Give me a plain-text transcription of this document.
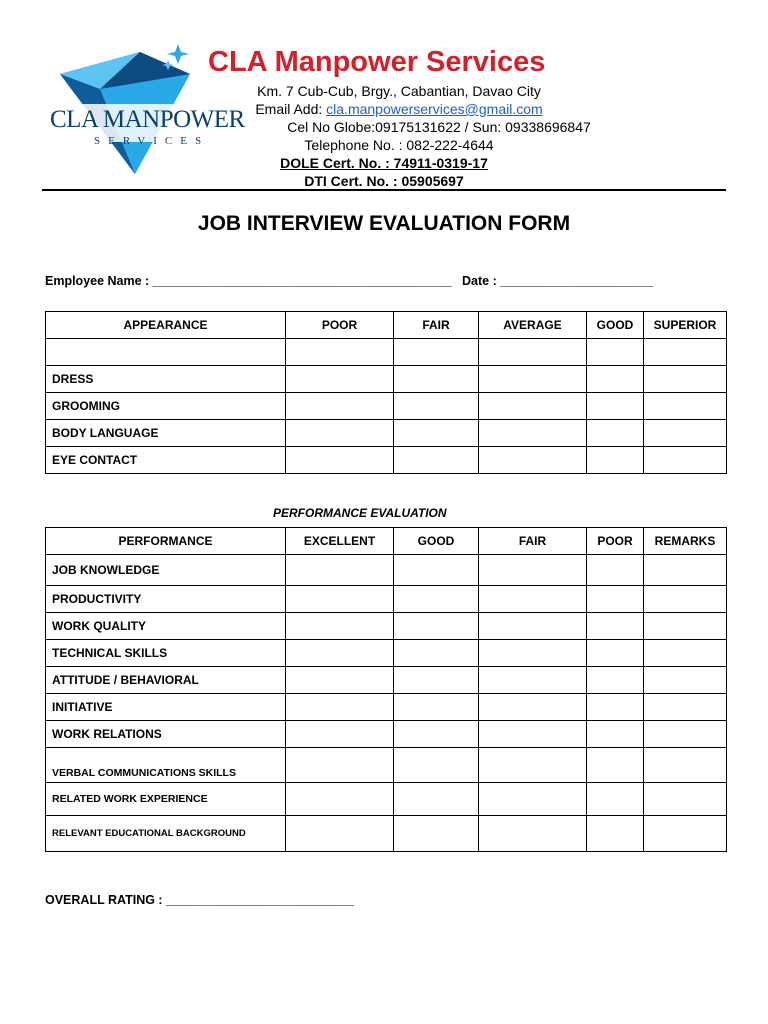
CLA MANPOWER
SERVICES
CLA Manpower Services
Km. 7 Cub-Cub, Brgy., Cabantian, Davao City
Email Add: cla.manpowerservices@gmail.com
Cel No Globe:09175131622 / Sun: 09338696847
Telephone No. : 082-222-4644
DOLE Cert. No. : 74911-0319-17
DTI Cert. No. : 05905697
JOB INTERVIEW EVALUATION FORM
Employee Name : ___________________________________________ Date : ______________________
APPEARANCE	POOR	FAIR	AVERAGE	GOOD	SUPERIOR

DRESS					
GROOMING					
BODY LANGUAGE					
EYE CONTACT					
PERFORMANCE EVALUATION
PERFORMANCE	EXCELLENT	GOOD	FAIR	POOR	REMARKS
JOB KNOWLEDGE					
PRODUCTIVITY					
WORK QUALITY					
TECHNICAL SKILLS					
ATTITUDE / BEHAVIORAL					
INITIATIVE					
WORK RELATIONS					
VERBAL COMMUNICATIONS SKILLS					
RELATED WORK EXPERIENCE					
RELEVANT EDUCATIONAL BACKGROUND					
OVERALL RATING : ___________________________
